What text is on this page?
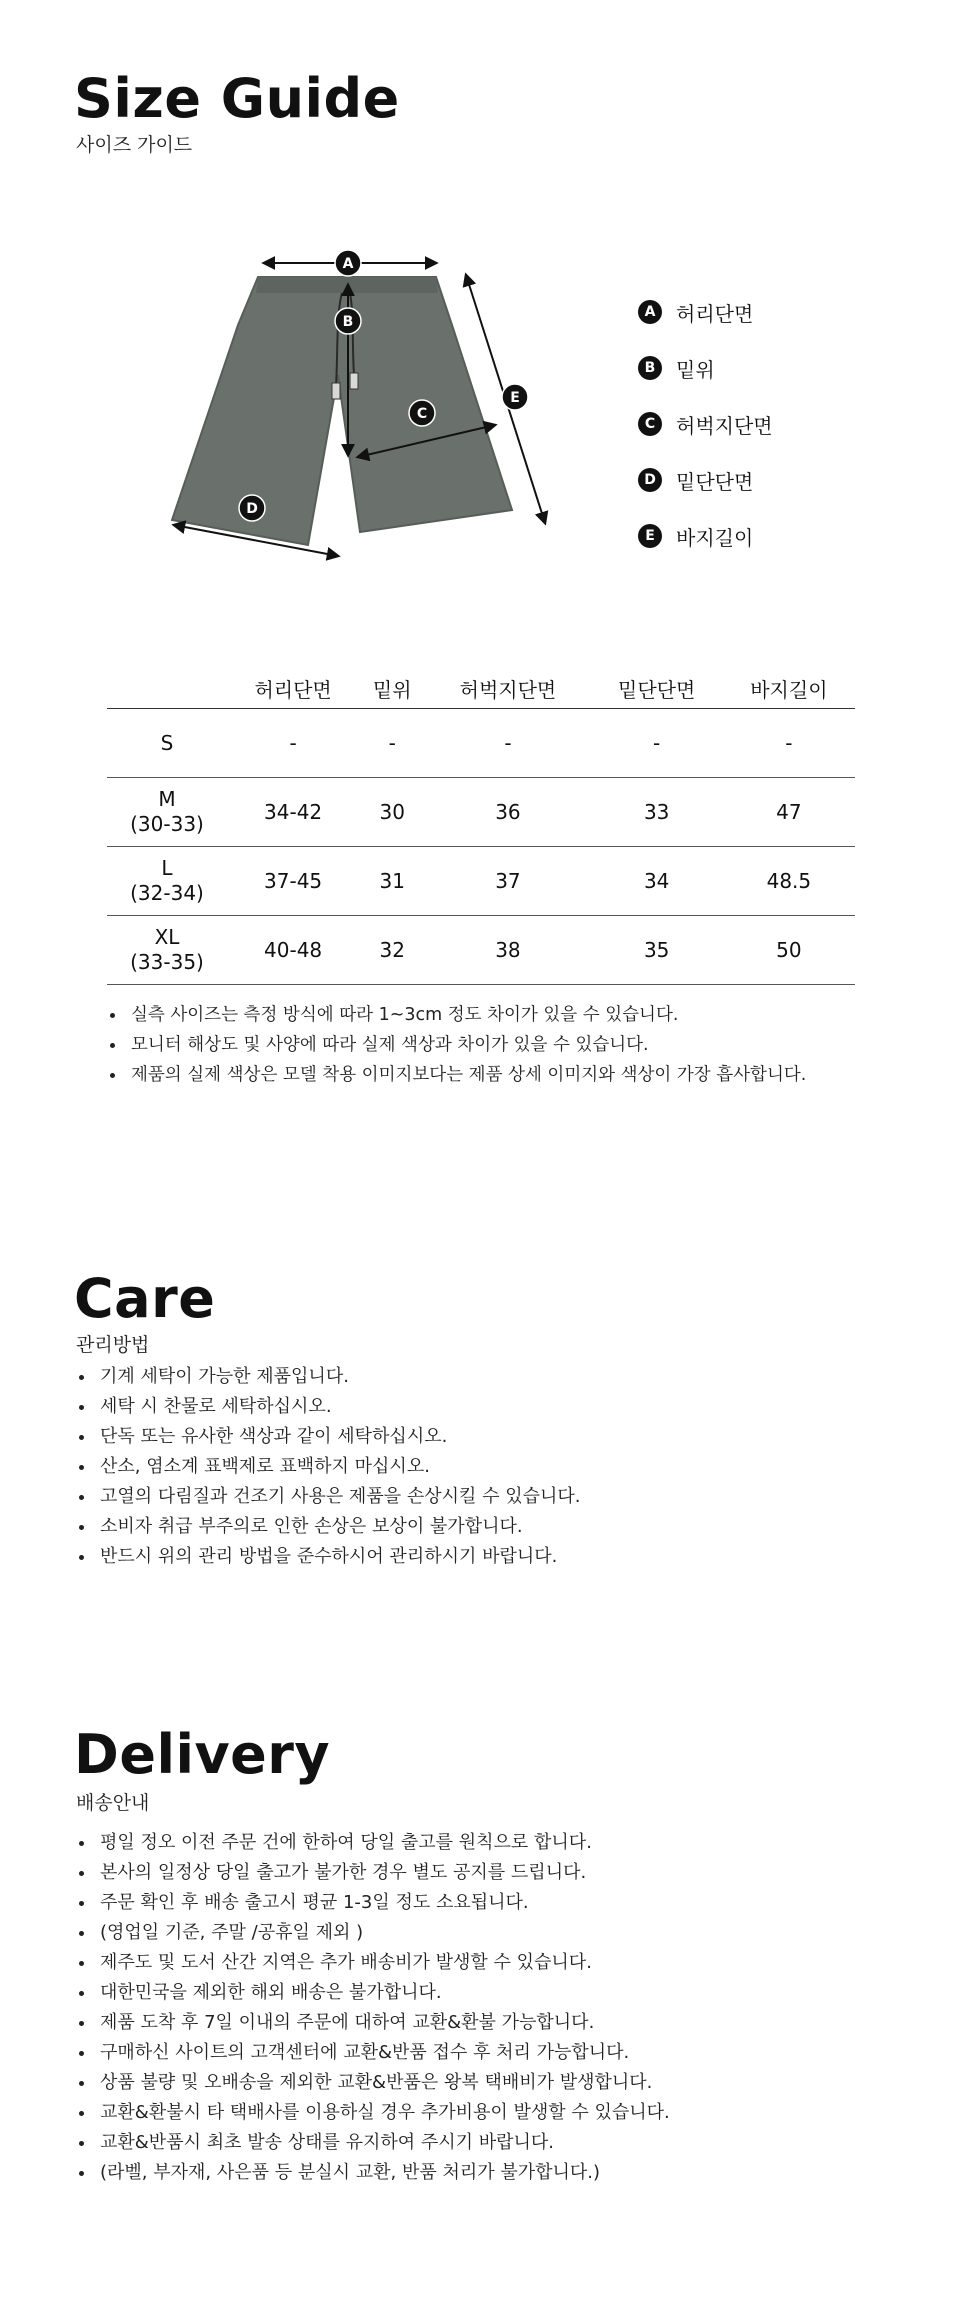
Size Guide

사이즈 가이드

A
B
C
D
E
A	허리단면
B	밑위
C	허벅지단면
D	밑단단면
E	바지길이
	허리단면	밑위	허벅지단면	밑단단면	바지길이

S	-	-	-	-	-

M
(30-33)	34-42	30	36	33	47

L
(32-34)	37-45	31	37	34	48.5

XL
(33-35)	40-48	32	38	35	50
실측 사이즈는 측정 방식에 따라 1~3cm 정도 차이가 있을 수 있습니다.
모니터 해상도 및 사양에 따라 실제 색상과 차이가 있을 수 있습니다.
제품의 실제 색상은 모델 착용 이미지보다는 제품 상세 이미지와 색상이 가장 흡사합니다.
Care

관리방법

기계 세탁이 가능한 제품입니다.
세탁 시 찬물로 세탁하십시오.
단독 또는 유사한 색상과 같이 세탁하십시오.
산소, 염소계 표백제로 표백하지 마십시오.
고열의 다림질과 건조기 사용은 제품을 손상시킬 수 있습니다.
소비자 취급 부주의로 인한 손상은 보상이 불가합니다.
반드시 위의 관리 방법을 준수하시어 관리하시기 바랍니다.
Delivery

배송안내

평일 정오 이전 주문 건에 한하여 당일 출고를 원칙으로 합니다.
본사의 일정상 당일 출고가 불가한 경우 별도 공지를 드립니다.
주문 확인 후 배송 출고시 평균 1-3일 정도 소요됩니다.
(영업일 기준, 주말 /공휴일 제외 )
제주도 및 도서 산간 지역은 추가 배송비가 발생할 수 있습니다.
대한민국을 제외한 해외 배송은 불가합니다.
제품 도착 후 7일 이내의 주문에 대하여 교환&환불 가능합니다.
구매하신 사이트의 고객센터에 교환&반품 접수 후 처리 가능합니다.
상품 불량 및 오배송을 제외한 교환&반품은 왕복 택배비가 발생합니다.
교환&환불시 타 택배사를 이용하실 경우 추가비용이 발생할 수 있습니다.
교환&반품시 최초 발송 상태를 유지하여 주시기 바랍니다.
(라벨, 부자재, 사은품 등 분실시 교환, 반품 처리가 불가합니다.)
